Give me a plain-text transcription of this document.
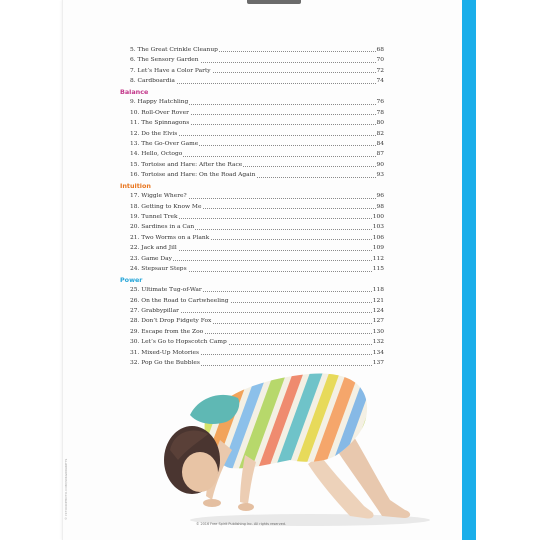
© ISTOCKPHOTO.COM/VIRGINIAKEYS
5. The Great Crinkle Cleanup	68
6. The Sensory Garden	70
7. Let’s Have a Color Party	72
8. Cardboardia	74
Balance
9. Happy Hatchling	76
10. Roll-Over Rover	78
11. The Spinnagons	80
12. Do the Elvis	82
13. The Go-Over Game	84
14. Hello, Octogo	87
15. Tortoise and Hare: After the Race	90
16. Tortoise and Hare: On the Road Again	93
Intuition
17. Wiggle Where?	96
18. Getting to Know Me	98
19. Tunnel Trek	100
20. Sardines in a Can	103
21. Two Worms on a Plank	106
22. Jack and Jill	109
23. Game Day	112
24. Stepsaur Steps	115
Power
25. Ultimate Tug-of-War	118
26. On the Road to Cartwheeling	121
27. Grabbypillar	124
28. Don’t Drop Fidgety Fox	127
29. Escape from the Zoo	130
30. Let’s Go to Hopscotch Camp	132
31. Mixed-Up Motories	134
32. Pop Go the Bubbles	137
© 2016 Free Spirit Publishing Inc. All rights reserved.
